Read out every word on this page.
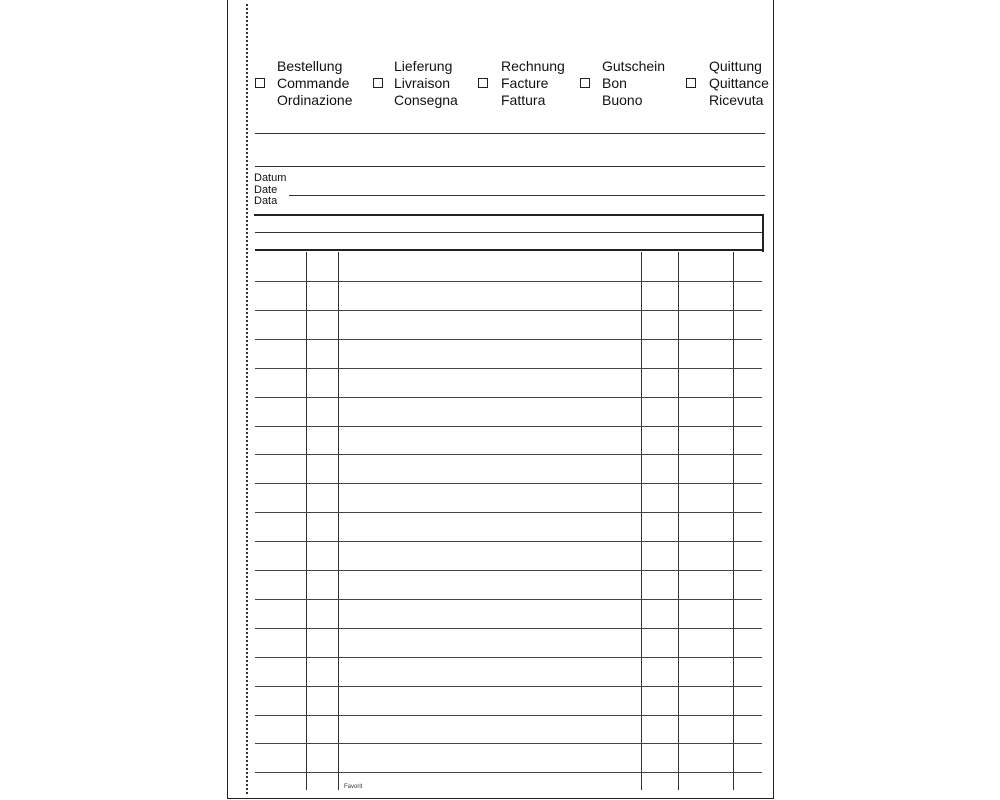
Bestellung
Commande
Ordinazione
Lieferung
Livraison
Consegna
Rechnung
Facture
Fattura
Gutschein
Bon
Buono
Quittung
Quittance
Ricevuta
Datum
Date
Data
Favorit
